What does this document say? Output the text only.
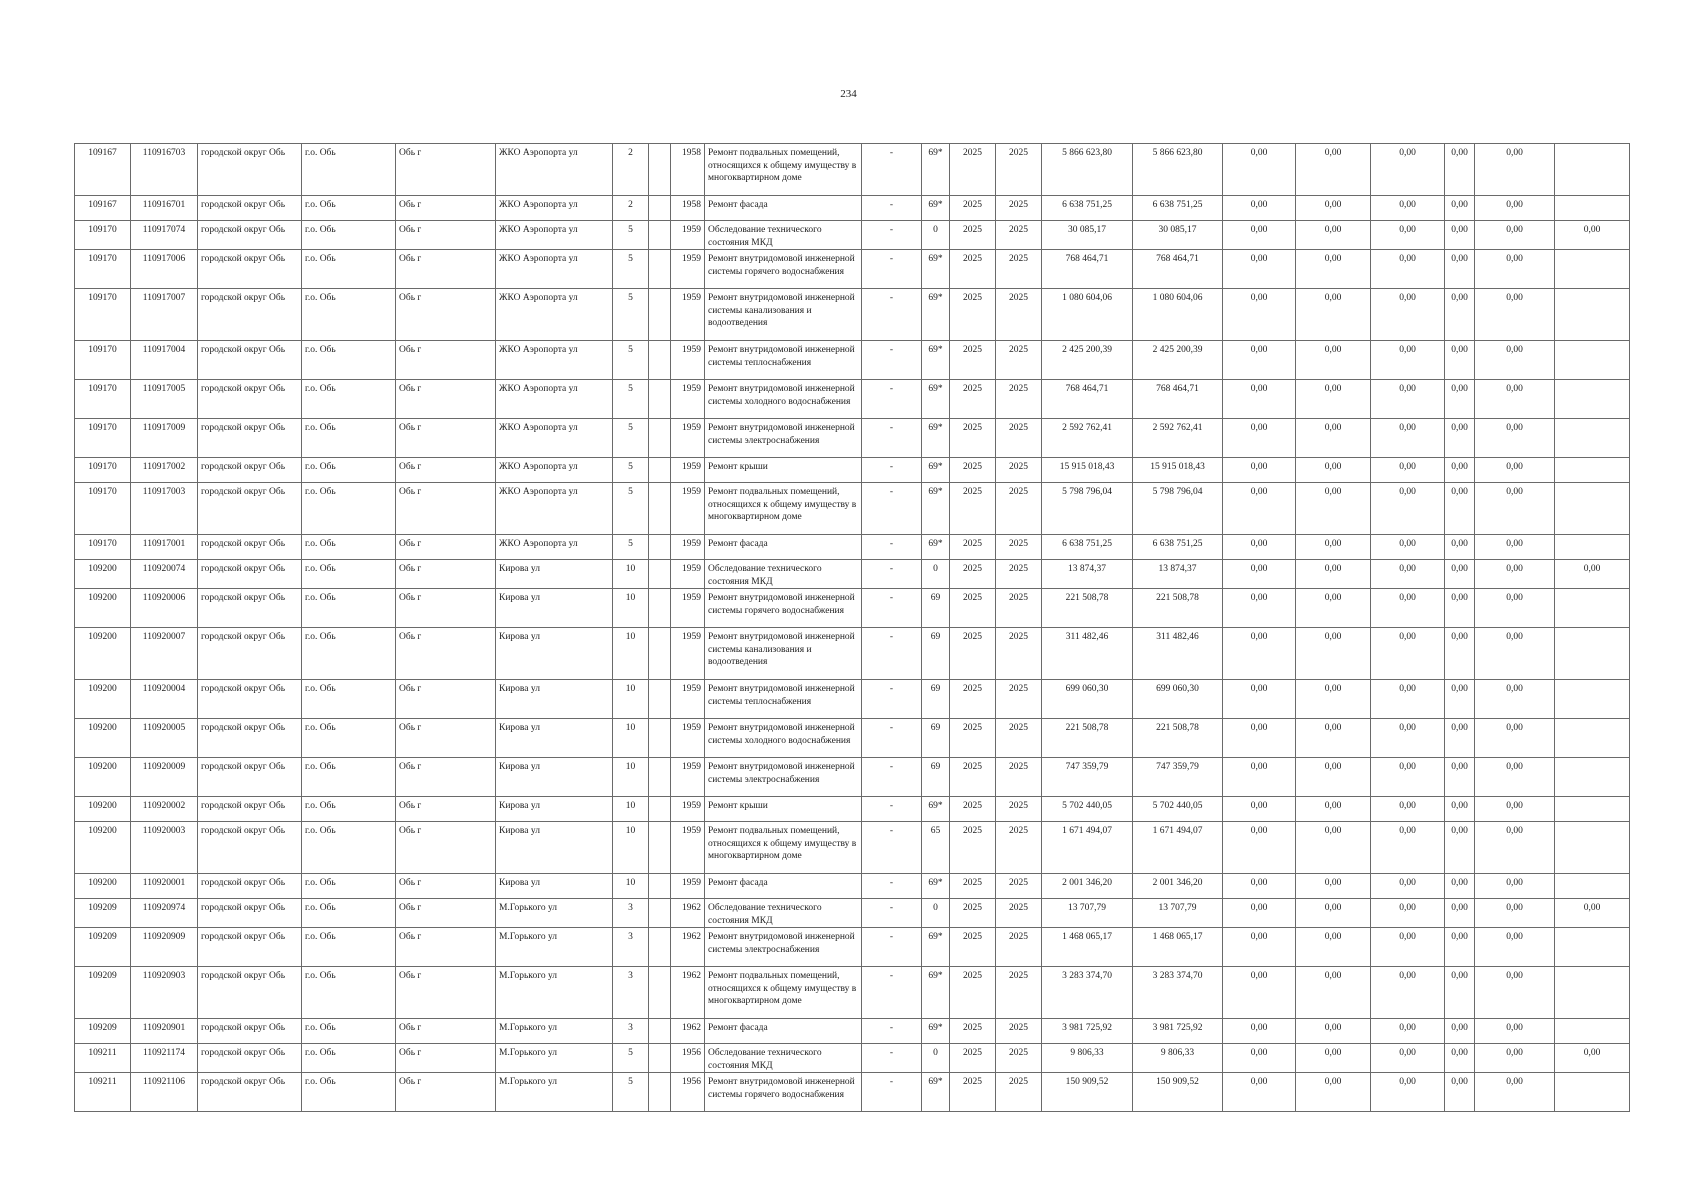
234
109167	110916703	городской округ Обь	г.о. Обь	Обь г	ЖКО Аэропорта ул	2		1958	Ремонт подвальных помещений, относящихся к общему имуществу в многоквартирном доме	-	69*	2025	2025	5 866 623,80	5 866 623,80	0,00	0,00	0,00	0,00	0,00	
109167	110916701	городской округ Обь	г.о. Обь	Обь г	ЖКО Аэропорта ул	2		1958	Ремонт фасада	-	69*	2025	2025	6 638 751,25	6 638 751,25	0,00	0,00	0,00	0,00	0,00	
109170	110917074	городской округ Обь	г.о. Обь	Обь г	ЖКО Аэропорта ул	5		1959	Обследование технического состояния МКД	-	0	2025	2025	30 085,17	30 085,17	0,00	0,00	0,00	0,00	0,00	0,00
109170	110917006	городской округ Обь	г.о. Обь	Обь г	ЖКО Аэропорта ул	5		1959	Ремонт внутридомовой инженерной системы горячего водоснабжения	-	69*	2025	2025	768 464,71	768 464,71	0,00	0,00	0,00	0,00	0,00	
109170	110917007	городской округ Обь	г.о. Обь	Обь г	ЖКО Аэропорта ул	5		1959	Ремонт внутридомовой инженерной системы канализования и водоотведения	-	69*	2025	2025	1 080 604,06	1 080 604,06	0,00	0,00	0,00	0,00	0,00	
109170	110917004	городской округ Обь	г.о. Обь	Обь г	ЖКО Аэропорта ул	5		1959	Ремонт внутридомовой инженерной системы теплоснабжения	-	69*	2025	2025	2 425 200,39	2 425 200,39	0,00	0,00	0,00	0,00	0,00	
109170	110917005	городской округ Обь	г.о. Обь	Обь г	ЖКО Аэропорта ул	5		1959	Ремонт внутридомовой инженерной системы холодного водоснабжения	-	69*	2025	2025	768 464,71	768 464,71	0,00	0,00	0,00	0,00	0,00	
109170	110917009	городской округ Обь	г.о. Обь	Обь г	ЖКО Аэропорта ул	5		1959	Ремонт внутридомовой инженерной системы электроснабжения	-	69*	2025	2025	2 592 762,41	2 592 762,41	0,00	0,00	0,00	0,00	0,00	
109170	110917002	городской округ Обь	г.о. Обь	Обь г	ЖКО Аэропорта ул	5		1959	Ремонт крыши	-	69*	2025	2025	15 915 018,43	15 915 018,43	0,00	0,00	0,00	0,00	0,00	
109170	110917003	городской округ Обь	г.о. Обь	Обь г	ЖКО Аэропорта ул	5		1959	Ремонт подвальных помещений, относящихся к общему имуществу в многоквартирном доме	-	69*	2025	2025	5 798 796,04	5 798 796,04	0,00	0,00	0,00	0,00	0,00	
109170	110917001	городской округ Обь	г.о. Обь	Обь г	ЖКО Аэропорта ул	5		1959	Ремонт фасада	-	69*	2025	2025	6 638 751,25	6 638 751,25	0,00	0,00	0,00	0,00	0,00	
109200	110920074	городской округ Обь	г.о. Обь	Обь г	Кирова ул	10		1959	Обследование технического состояния МКД	-	0	2025	2025	13 874,37	13 874,37	0,00	0,00	0,00	0,00	0,00	0,00
109200	110920006	городской округ Обь	г.о. Обь	Обь г	Кирова ул	10		1959	Ремонт внутридомовой инженерной системы горячего водоснабжения	-	69	2025	2025	221 508,78	221 508,78	0,00	0,00	0,00	0,00	0,00	
109200	110920007	городской округ Обь	г.о. Обь	Обь г	Кирова ул	10		1959	Ремонт внутридомовой инженерной системы канализования и водоотведения	-	69	2025	2025	311 482,46	311 482,46	0,00	0,00	0,00	0,00	0,00	
109200	110920004	городской округ Обь	г.о. Обь	Обь г	Кирова ул	10		1959	Ремонт внутридомовой инженерной системы теплоснабжения	-	69	2025	2025	699 060,30	699 060,30	0,00	0,00	0,00	0,00	0,00	
109200	110920005	городской округ Обь	г.о. Обь	Обь г	Кирова ул	10		1959	Ремонт внутридомовой инженерной системы холодного водоснабжения	-	69	2025	2025	221 508,78	221 508,78	0,00	0,00	0,00	0,00	0,00	
109200	110920009	городской округ Обь	г.о. Обь	Обь г	Кирова ул	10		1959	Ремонт внутридомовой инженерной системы электроснабжения	-	69	2025	2025	747 359,79	747 359,79	0,00	0,00	0,00	0,00	0,00	
109200	110920002	городской округ Обь	г.о. Обь	Обь г	Кирова ул	10		1959	Ремонт крыши	-	69*	2025	2025	5 702 440,05	5 702 440,05	0,00	0,00	0,00	0,00	0,00	
109200	110920003	городской округ Обь	г.о. Обь	Обь г	Кирова ул	10		1959	Ремонт подвальных помещений, относящихся к общему имуществу в многоквартирном доме	-	65	2025	2025	1 671 494,07	1 671 494,07	0,00	0,00	0,00	0,00	0,00	
109200	110920001	городской округ Обь	г.о. Обь	Обь г	Кирова ул	10		1959	Ремонт фасада	-	69*	2025	2025	2 001 346,20	2 001 346,20	0,00	0,00	0,00	0,00	0,00	
109209	110920974	городской округ Обь	г.о. Обь	Обь г	М.Горького ул	3		1962	Обследование технического состояния МКД	-	0	2025	2025	13 707,79	13 707,79	0,00	0,00	0,00	0,00	0,00	0,00
109209	110920909	городской округ Обь	г.о. Обь	Обь г	М.Горького ул	3		1962	Ремонт внутридомовой инженерной системы электроснабжения	-	69*	2025	2025	1 468 065,17	1 468 065,17	0,00	0,00	0,00	0,00	0,00	
109209	110920903	городской округ Обь	г.о. Обь	Обь г	М.Горького ул	3		1962	Ремонт подвальных помещений, относящихся к общему имуществу в многоквартирном доме	-	69*	2025	2025	3 283 374,70	3 283 374,70	0,00	0,00	0,00	0,00	0,00	
109209	110920901	городской округ Обь	г.о. Обь	Обь г	М.Горького ул	3		1962	Ремонт фасада	-	69*	2025	2025	3 981 725,92	3 981 725,92	0,00	0,00	0,00	0,00	0,00	
109211	110921174	городской округ Обь	г.о. Обь	Обь г	М.Горького ул	5		1956	Обследование технического состояния МКД	-	0	2025	2025	9 806,33	9 806,33	0,00	0,00	0,00	0,00	0,00	0,00
109211	110921106	городской округ Обь	г.о. Обь	Обь г	М.Горького ул	5		1956	Ремонт внутридомовой инженерной системы горячего водоснабжения	-	69*	2025	2025	150 909,52	150 909,52	0,00	0,00	0,00	0,00	0,00	
